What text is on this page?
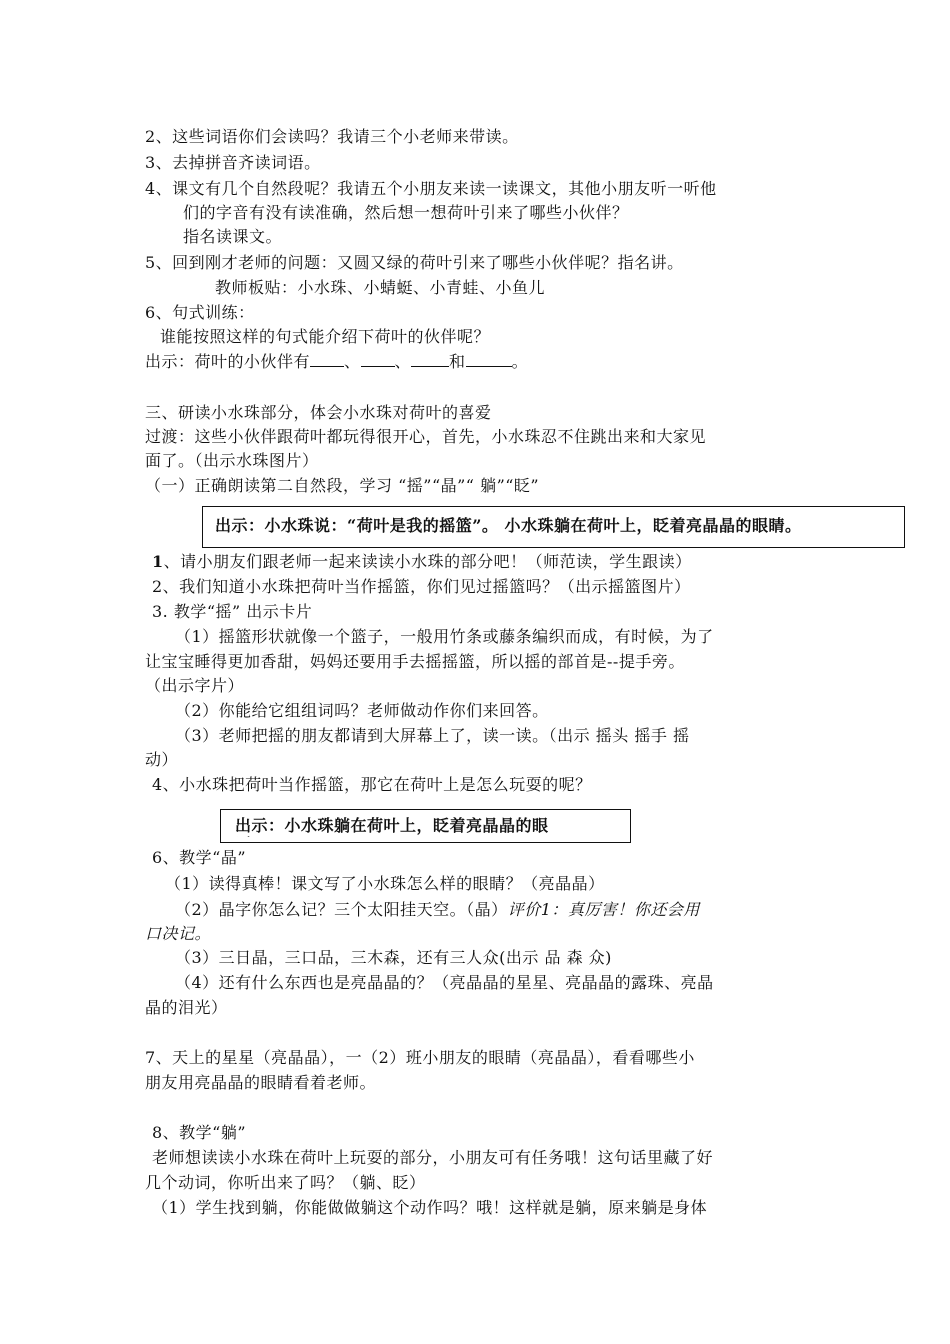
2、这些词语你们会读吗？我请三个小老师来带读。
3、去掉拼音齐读词语。
4、课文有几个自然段呢？我请五个小朋友来读一读课文，其他小朋友听一听他
们的字音有没有读准确，然后想一想荷叶引来了哪些小伙伴？
指名读课文。
5、回到刚才老师的问题：又圆又绿的荷叶引来了哪些小伙伴呢？指名讲。
教师板贴：小水珠、小蜻蜓、小青蛙、小鱼儿
6、句式训练：
谁能按照这样的句式能介绍下荷叶的伙伴呢？
出示：荷叶的小伙伴有 、 、 和	。
三、研读小水珠部分，体会小水珠对荷叶的喜爱
过渡：这些小伙伴跟荷叶都玩得很开心，首先，小水珠忍不住跳出来和大家见
面了。（出示水珠图片）
（一）正确朗读第二自然段，学习 “摇”“晶”“ 躺”“眨”
出示：小水珠说：“荷叶是我的摇篮”。 小水珠躺在荷叶上，眨着亮晶晶的眼睛。
1、请小朋友们跟老师一起来读读小水珠的部分吧！（师范读，学生跟读）
2、我们知道小水珠把荷叶当作摇篮，你们见过摇篮吗？（出示摇篮图片）
3. 教学“摇” 出示卡片
（1）摇篮形状就像一个篮子，一般用竹条或藤条编织而成，有时候，为了
让宝宝睡得更加香甜，妈妈还要用手去摇摇篮，所以摇的部首是--提手旁。
（出示字片）
（2）你能给它组组词吗？老师做动作你们来回答。
（3）老师把摇的朋友都请到大屏幕上了，读一读。（出示 摇头 摇手 摇
动）
4、小水珠把荷叶当作摇篮，那它在荷叶上是怎么玩耍的呢？
出示：小水珠躺在荷叶上，眨着亮晶晶的眼
出
6、教学“晶”
（1）读得真棒！课文写了小水珠怎么样的眼睛？（亮晶晶）
（2）晶字你怎么记？三个太阳挂天空。（晶）评价1：真厉害！你还会用
口决记。
（3）三日晶，三口品，三木森，还有三人众(出示 品 森 众)
（4）还有什么东西也是亮晶晶的？（亮晶晶的星星、亮晶晶的露珠、亮晶
晶的泪光）
7、天上的星星（亮晶晶），一（2）班小朋友的眼睛（亮晶晶），看看哪些小
朋友用亮晶晶的眼睛看着老师。
8、教学“躺”
老师想读读小水珠在荷叶上玩耍的部分，小朋友可有任务哦！这句话里藏了好
几个动词，你听出来了吗？（躺、眨）
（1）学生找到躺，你能做做躺这个动作吗？哦！这样就是躺，原来躺是身体
